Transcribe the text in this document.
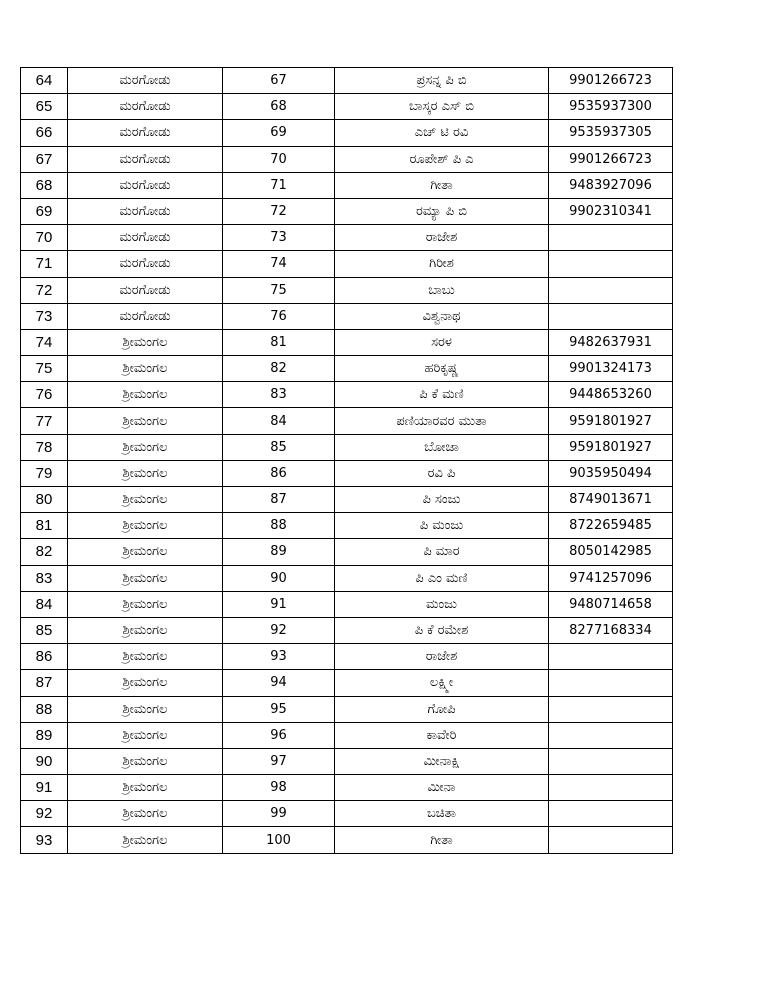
64	ಮರಗೋಡು	67	ಪ್ರಸನ್ನ ಪಿ ಬಿ	9901266723
65	ಮರಗೋಡು	68	ಬಾಸ್ಕರ ಎಸ್ ಬಿ	9535937300
66	ಮರಗೋಡು	69	ಎಚ್ ಟಿ ರವಿ	9535937305
67	ಮರಗೋಡು	70	ರೂಪೇಶ್ ಪಿ ಎ	9901266723
68	ಮರಗೋಡು	71	ಗೀತಾ	9483927096
69	ಮರಗೋಡು	72	ರಮ್ಯಾ ಪಿ ಬಿ	9902310341
70	ಮರಗೋಡು	73	ರಾಜೇಶ	
71	ಮರಗೋಡು	74	ಗಿರೀಶ	
72	ಮರಗೋಡು	75	ಬಾಬು	
73	ಮರಗೋಡು	76	ವಿಶ್ವನಾಥ	
74	ಶ್ರೀಮಂಗಲ	81	ಸರಳ	9482637931
75	ಶ್ರೀಮಂಗಲ	82	ಹರಿಕೃಷ್ಣ	9901324173
76	ಶ್ರೀಮಂಗಲ	83	ಪಿ ಕೆ ಮಣಿ	9448653260
77	ಶ್ರೀಮಂಗಲ	84	ಪಣಿಯಾರವರ ಮುತಾ	9591801927
78	ಶ್ರೀಮಂಗಲ	85	ಬೋಜಾ	9591801927
79	ಶ್ರೀಮಂಗಲ	86	ರವಿ ಪಿ	9035950494
80	ಶ್ರೀಮಂಗಲ	87	ಪಿ ಸಂಜು	8749013671
81	ಶ್ರೀಮಂಗಲ	88	ಪಿ ಮಂಜು	8722659485
82	ಶ್ರೀಮಂಗಲ	89	ಪಿ ಮಾರ	8050142985
83	ಶ್ರೀಮಂಗಲ	90	ಪಿ ಎಂ ಮಣಿ	9741257096
84	ಶ್ರೀಮಂಗಲ	91	ಮಂಜು	9480714658
85	ಶ್ರೀಮಂಗಲ	92	ಪಿ ಕೆ ರಮೇಶ	8277168334
86	ಶ್ರೀಮಂಗಲ	93	ರಾಜೇಶ	
87	ಶ್ರೀಮಂಗಲ	94	ಲಕ್ಷ್ಮೀ	
88	ಶ್ರೀಮಂಗಲ	95	ಗೋಪಿ	
89	ಶ್ರೀಮಂಗಲ	96	ಕಾವೇರಿ	
90	ಶ್ರೀಮಂಗಲ	97	ಮೀನಾಕ್ಷಿ	
91	ಶ್ರೀಮಂಗಲ	98	ಮೀನಾ	
92	ಶ್ರೀಮಂಗಲ	99	ಬಚಿತಾ	
93	ಶ್ರೀಮಂಗಲ	100	ಗೀತಾ	
